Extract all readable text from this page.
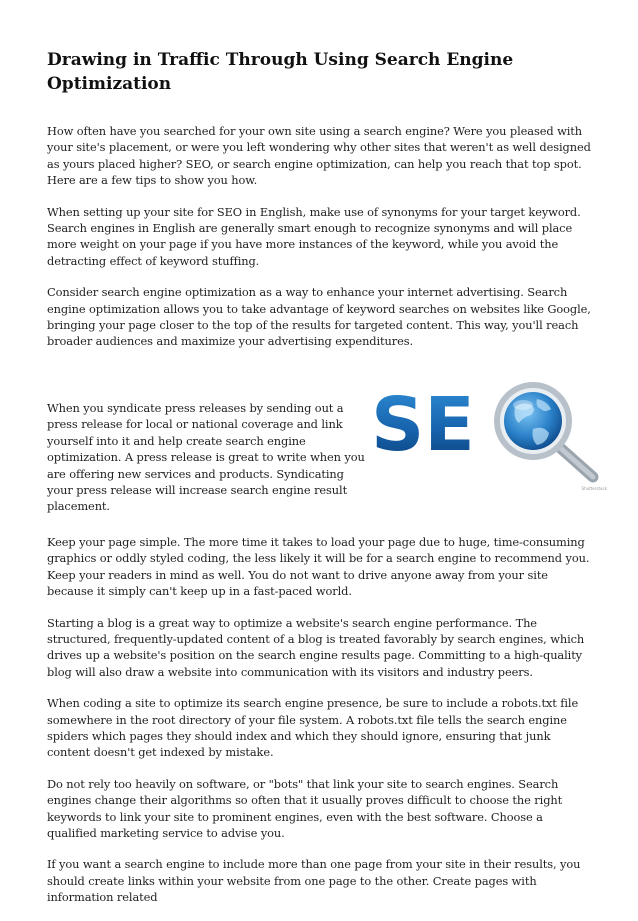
Drawing in Traffic Through Using Search Engine Optimization

How often have you searched for your own site using a search engine? Were you pleased with your site's placement, or were you left wondering why other sites that weren't as well designed as yours placed higher? SEO, or search engine optimization, can help you reach that top spot. Here are a few tips to show you how.

When setting up your site for SEO in English, make use of synonyms for your target keyword. Search engines in English are generally smart enough to recognize synonyms and will place more weight on your page if you have more instances of the keyword, while you avoid the detracting effect of keyword stuffing.

Consider search engine optimization as a way to enhance your internet advertising. Search engine optimization allows you to take advantage of keyword searches on websites like Google, bringing your page closer to the top of the results for targeted content. This way, you'll reach broader audiences and maximize your advertising expenditures.

When you syndicate press releases by sending out a press release for local or national coverage and link yourself into it and help create search engine optimization. A press release is great to write when you are offering new services and products. Syndicating your press release will increase search engine result placement.

SE
Shutterstock

Keep your page simple. The more time it takes to load your page due to huge, time-consuming graphics or oddly styled coding, the less likely it will be for a search engine to recommend you. Keep your readers in mind as well. You do not want to drive anyone away from your site because it simply can't keep up in a fast-paced world.

Starting a blog is a great way to optimize a website's search engine performance. The structured, frequently-updated content of a blog is treated favorably by search engines, which drives up a website's position on the search engine results page. Committing to a high-quality blog will also draw a website into communication with its visitors and industry peers.

When coding a site to optimize its search engine presence, be sure to include a robots.txt file somewhere in the root directory of your file system. A robots.txt file tells the search engine spiders which pages they should index and which they should ignore, ensuring that junk content doesn't get indexed by mistake.

Do not rely too heavily on software, or "bots" that link your site to search engines. Search engines change their algorithms so often that it usually proves difficult to choose the right keywords to link your site to prominent engines, even with the best software. Choose a qualified marketing service to advise you.

If you want a search engine to include more than one page from your site in their results, you should create links within your website from one page to the other. Create pages with information related
